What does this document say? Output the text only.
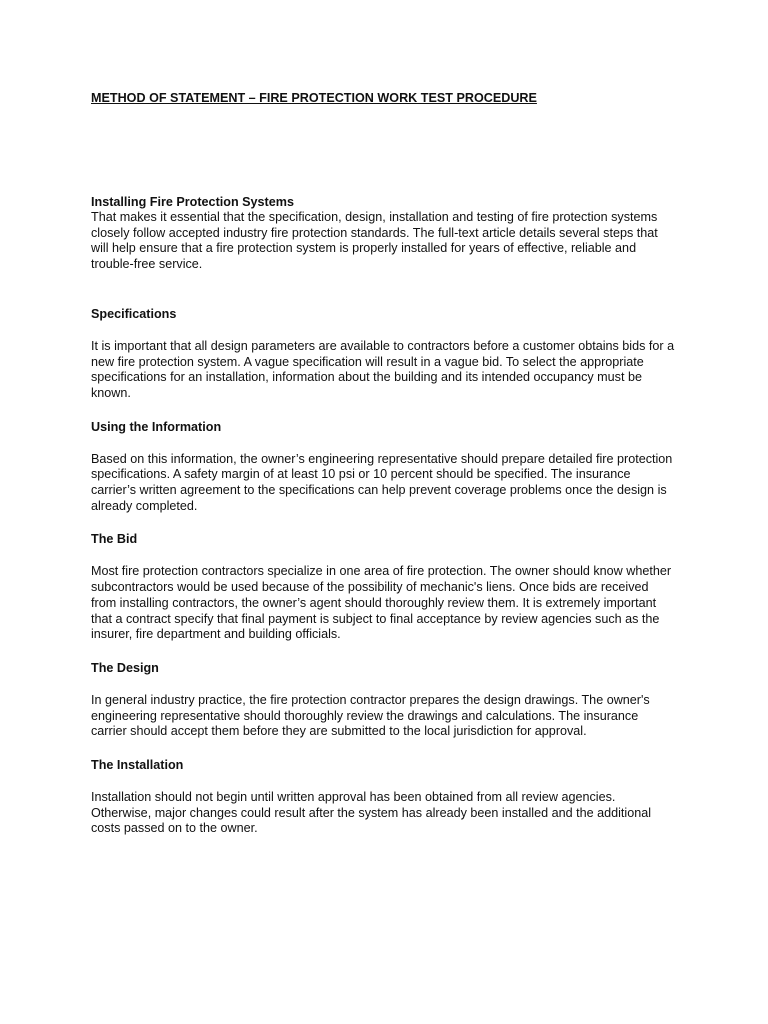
METHOD OF STATEMENT – FIRE PROTECTION WORK TEST PROCEDURE

Installing Fire Protection Systems

That makes it essential that the specification, design, installation and testing of fire protection systems closely follow accepted industry fire protection standards. The full-text article details several steps that will help ensure that a fire protection system is properly installed for years of effective, reliable and trouble-free service.

Specifications

It is important that all design parameters are available to contractors before a customer obtains bids for a new fire protection system. A vague specification will result in a vague bid. To select the appropriate specifications for an installation, information about the building and its intended occupancy must be known.

Using the Information

Based on this information, the owner’s engineering representative should prepare detailed fire protection specifications. A safety margin of at least 10 psi or 10 percent should be specified. The insurance carrier’s written agreement to the specifications can help prevent coverage problems once the design is already completed.

The Bid

Most fire protection contractors specialize in one area of fire protection. The owner should know whether subcontractors would be used because of the possibility of mechanic's liens. Once bids are received from installing contractors, the owner’s agent should thoroughly review them. It is extremely important that a contract specify that final payment is subject to final acceptance by review agencies such as the insurer, fire department and building officials.

The Design

In general industry practice, the fire protection contractor prepares the design drawings. The owner's engineering representative should thoroughly review the drawings and calculations. The insurance carrier should accept them before they are submitted to the local jurisdiction for approval.

The Installation

Installation should not begin until written approval has been obtained from all review agencies. Otherwise, major changes could result after the system has already been installed and the additional costs passed on to the owner.
